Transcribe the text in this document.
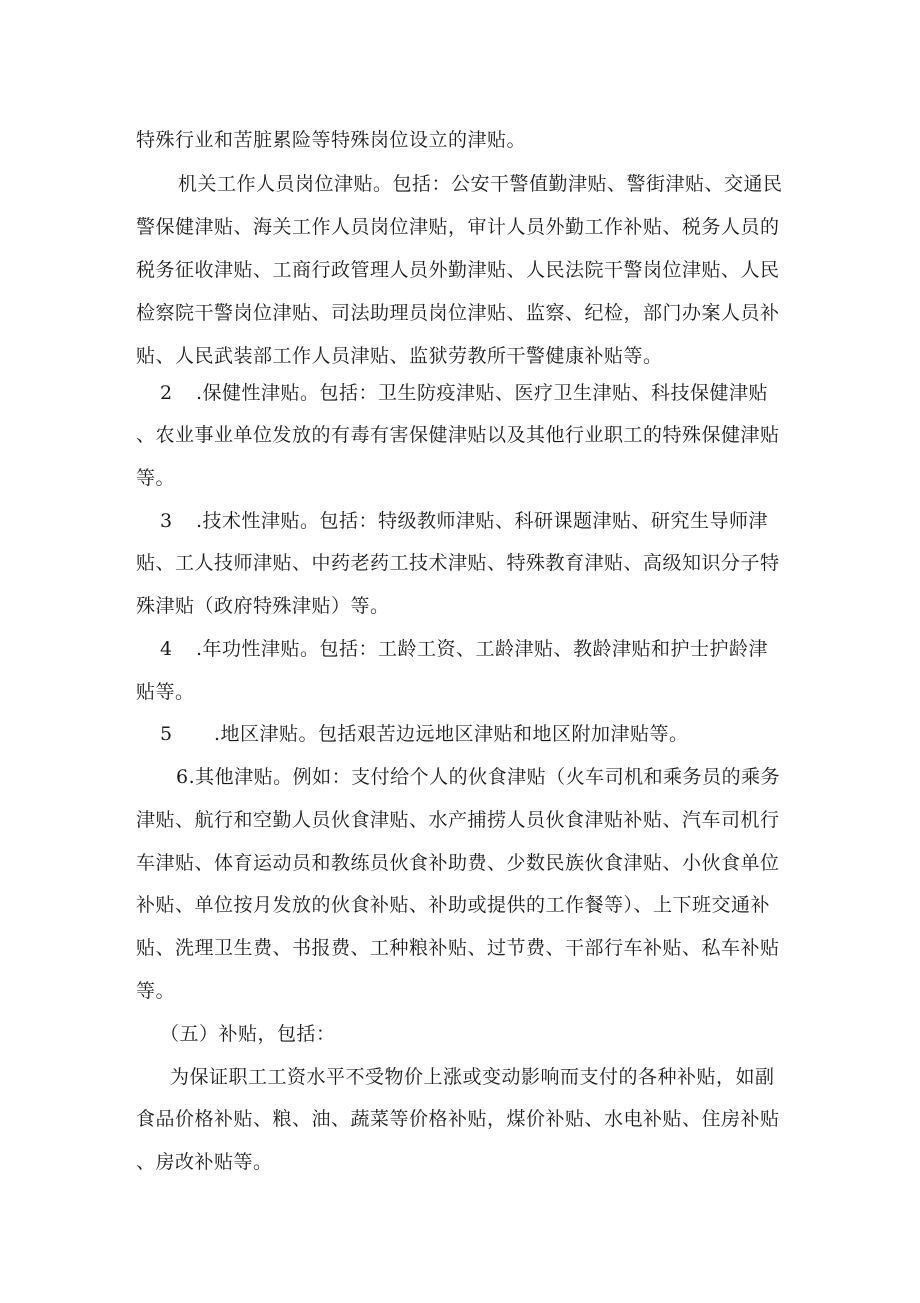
特殊行业和苦脏累险等特殊岗位设立的津贴。
机关工作人员岗位津贴。包括：公安干警值勤津贴、警街津贴、交通民
警保健津贴、海关工作人员岗位津贴，审计人员外勤工作补贴、税务人员的
税务征收津贴、工商行政管理人员外勤津贴、人民法院干警岗位津贴、人民
检察院干警岗位津贴、司法助理员岗位津贴、监察、纪检，部门办案人员补
贴、人民武装部工作人员津贴、监狱劳教所干警健康补贴等。
2 .保健性津贴。包括：卫生防疫津贴、医疗卫生津贴、科技保健津贴
、农业事业单位发放的有毒有害保健津贴以及其他行业职工的特殊保健津贴
等。
3 .技术性津贴。包括：特级教师津贴、科研课题津贴、研究生导师津
贴、工人技师津贴、中药老药工技术津贴、特殊教育津贴、高级知识分子特
殊津贴（政府特殊津贴）等。
4 .年功性津贴。包括：工龄工资、工龄津贴、教龄津贴和护士护龄津
贴等。
5 .地区津贴。包括艰苦边远地区津贴和地区附加津贴等。
6.其他津贴。例如：支付给个人的伙食津贴（火车司机和乘务员的乘务
津贴、航行和空勤人员伙食津贴、水产捕捞人员伙食津贴补贴、汽车司机行
车津贴、体育运动员和教练员伙食补助费、少数民族伙食津贴、小伙食单位
补贴、单位按月发放的伙食补贴、补助或提供的工作餐等）、上下班交通补
贴、洗理卫生费、书报费、工种粮补贴、过节费、干部行车补贴、私车补贴
等。
（五）补贴，包括：
为保证职工工资水平不受物价上涨或变动影响而支付的各种补贴，如副
食品价格补贴、粮、油、蔬菜等价格补贴，煤价补贴、水电补贴、住房补贴
、房改补贴等。
